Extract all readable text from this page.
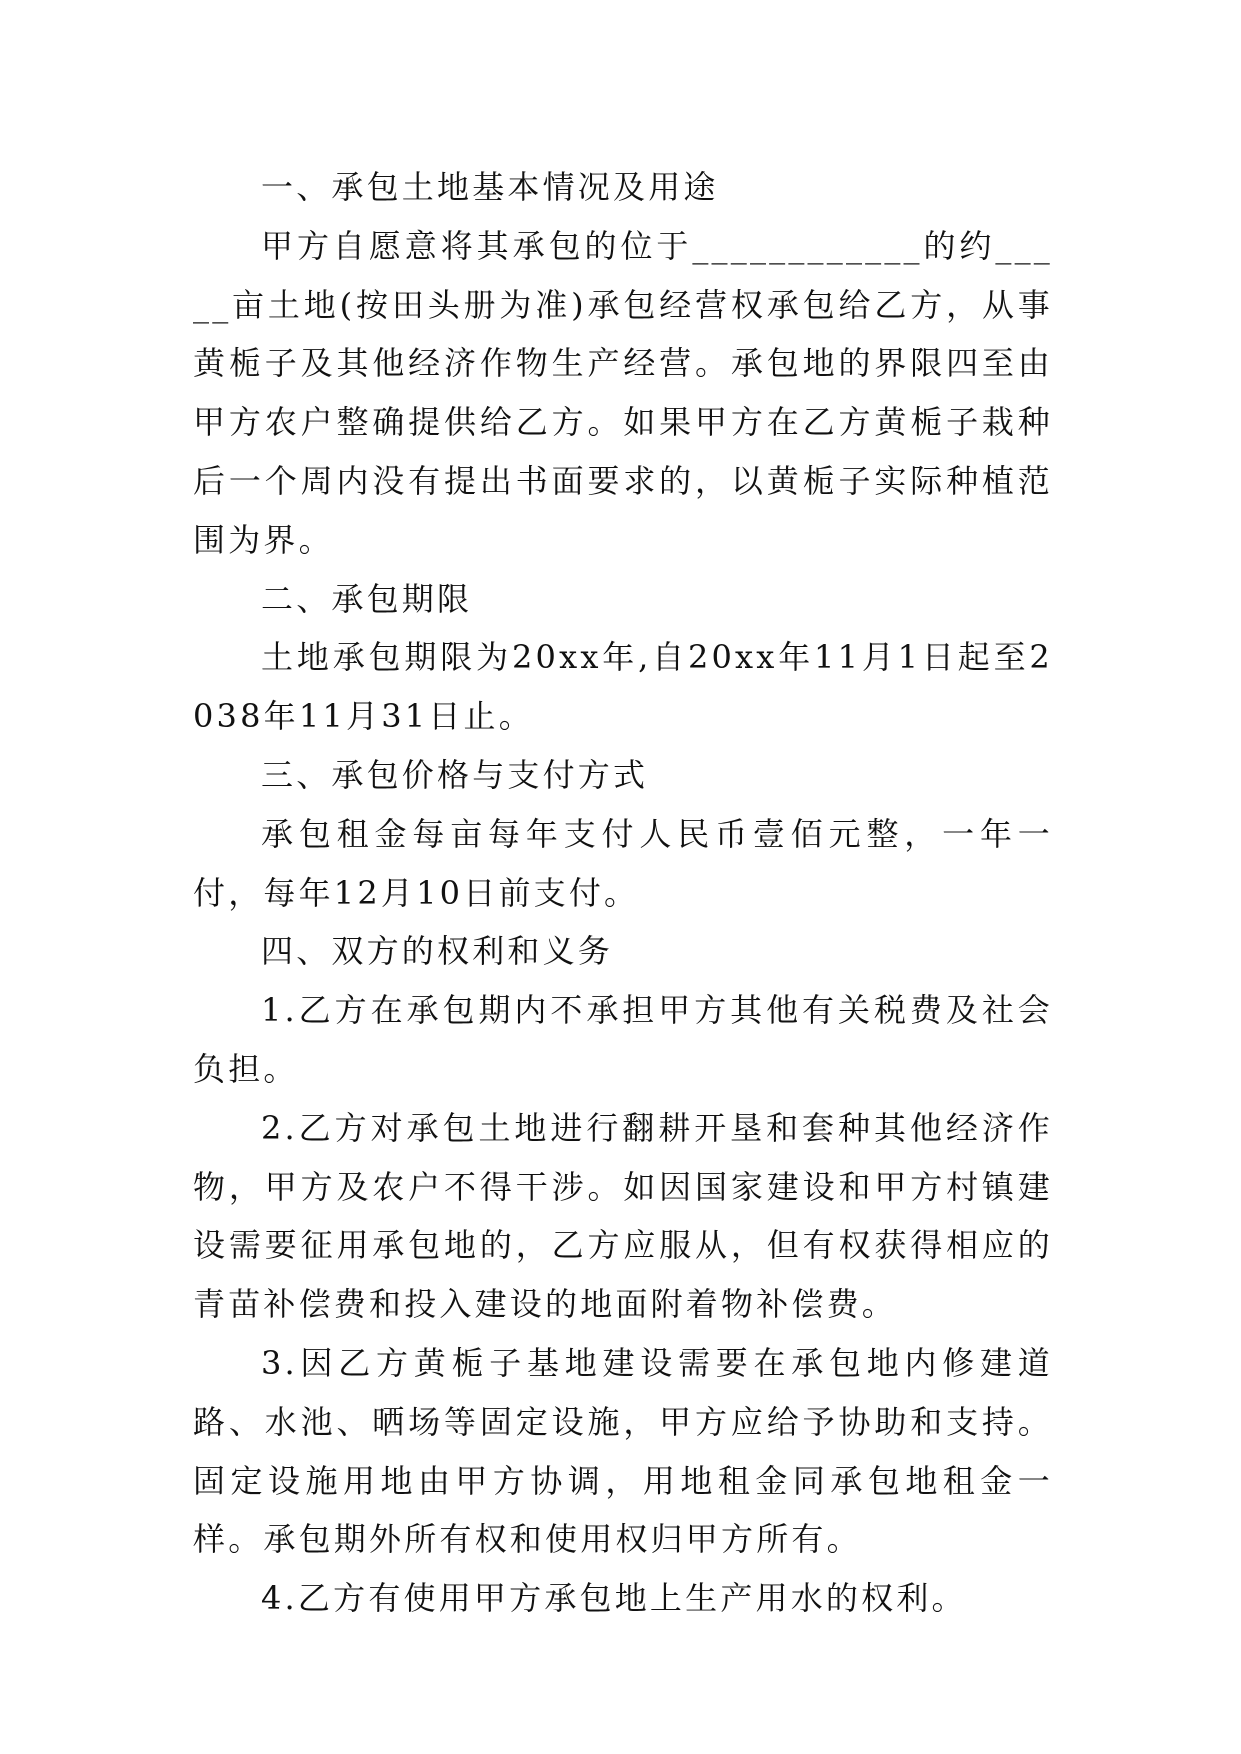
一、承包土地基本情况及用途

甲方自愿意将其承包的位于____________的约_____亩土地(按田头册为准)承包经营权承包给乙方，从事黄栀子及其他经济作物生产经营。承包地的界限四至由甲方农户整确提供给乙方。如果甲方在乙方黄栀子栽种后一个周内没有提出书面要求的，以黄栀子实际种植范围为界。

二、承包期限

土地承包期限为20xx年,自20xx年11月1日起至2038年11月31日止。

三、承包价格与支付方式

承包租金每亩每年支付人民币壹佰元整，一年一付，每年12月10日前支付。

四、双方的权利和义务

1.乙方在承包期内不承担甲方其他有关税费及社会负担。

2.乙方对承包土地进行翻耕开垦和套种其他经济作物，甲方及农户不得干涉。如因国家建设和甲方村镇建设需要征用承包地的，乙方应服从，但有权获得相应的青苗补偿费和投入建设的地面附着物补偿费。

3.因乙方黄栀子基地建设需要在承包地内修建道路、水池、晒场等固定设施，甲方应给予协助和支持。固定设施用地由甲方协调，用地租金同承包地租金一样。承包期外所有权和使用权归甲方所有。

4.乙方有使用甲方承包地上生产用水的权利。
